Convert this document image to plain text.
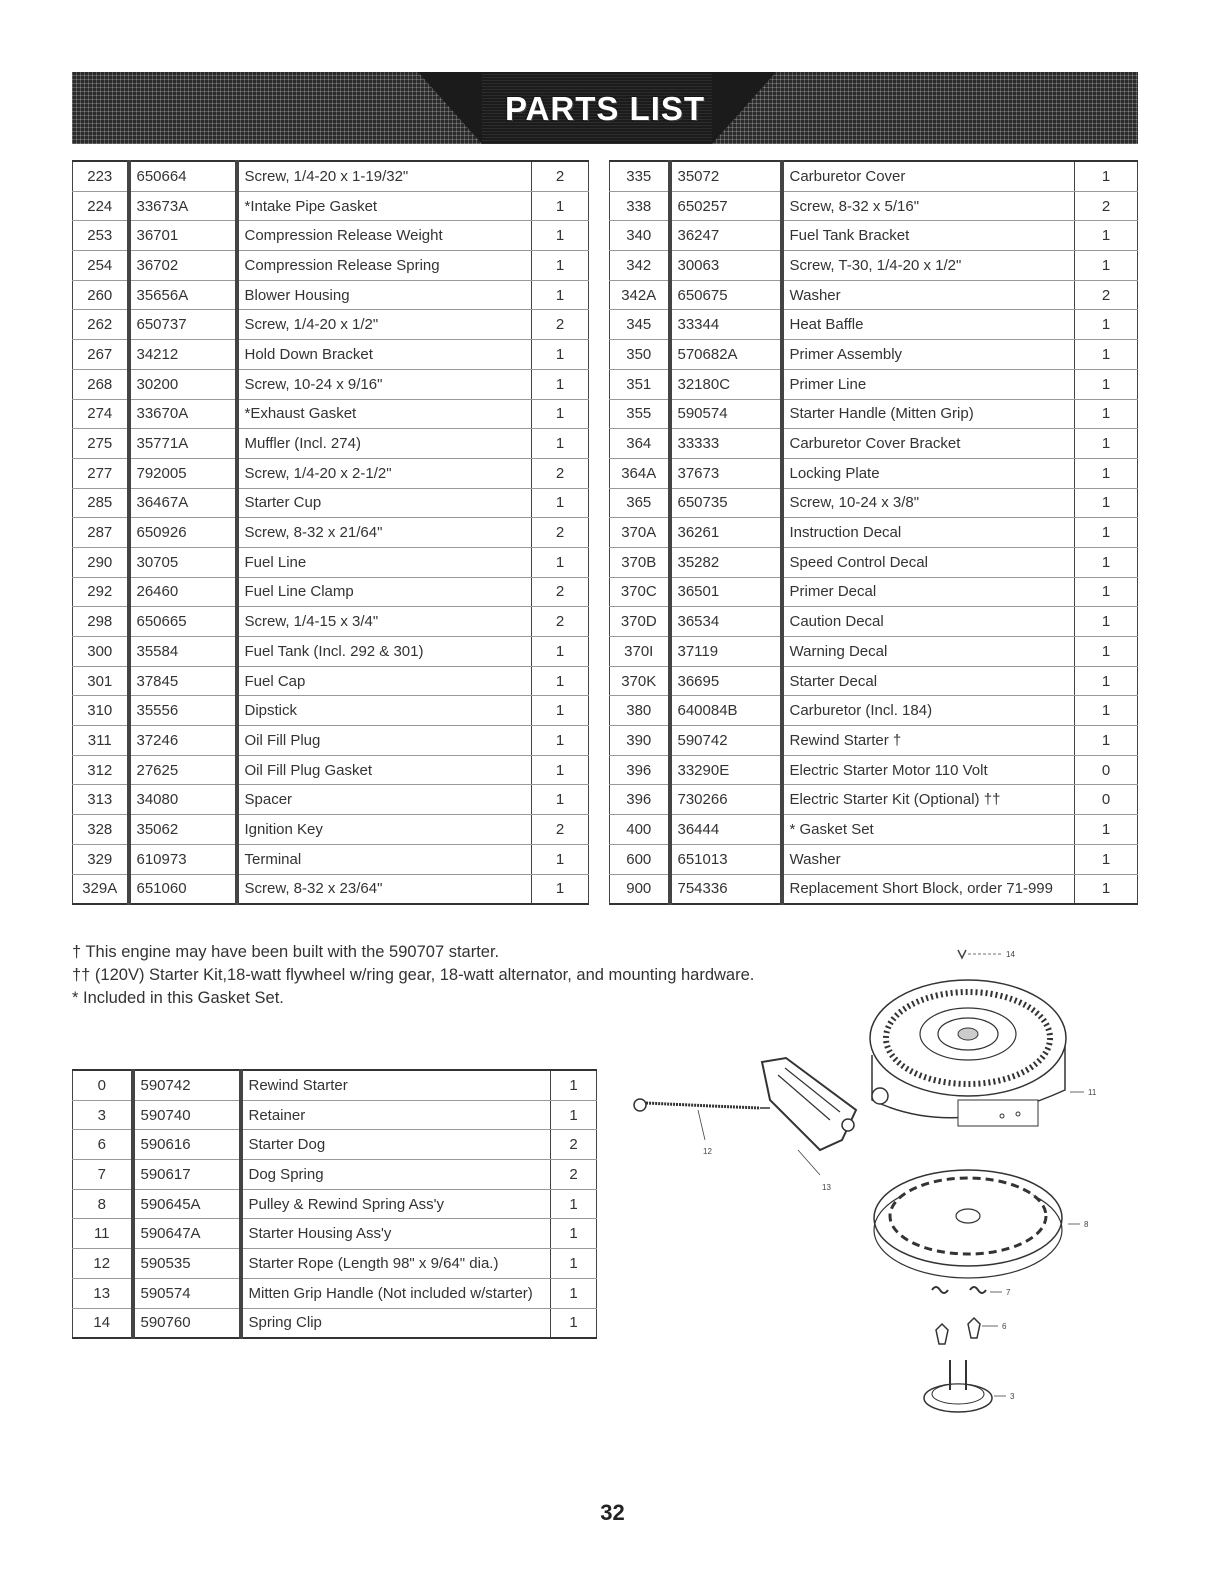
PARTS LIST
223	650664	Screw, 1/4-20 x 1-19/32"	2
224	33673A	*Intake Pipe Gasket	1
253	36701	Compression Release Weight	1
254	36702	Compression Release Spring	1
260	35656A	Blower Housing	1
262	650737	Screw, 1/4-20 x 1/2"	2
267	34212	Hold Down Bracket	1
268	30200	Screw, 10-24 x 9/16"	1
274	33670A	*Exhaust Gasket	1
275	35771A	Muffler (Incl. 274)	1
277	792005	Screw, 1/4-20 x 2-1/2"	2
285	36467A	Starter Cup	1
287	650926	Screw, 8-32 x 21/64"	2
290	30705	Fuel Line	1
292	26460	Fuel Line Clamp	2
298	650665	Screw, 1/4-15 x 3/4"	2
300	35584	Fuel Tank (Incl. 292 & 301)	1
301	37845	Fuel Cap	1
310	35556	Dipstick	1
311	37246	Oil Fill Plug	1
312	27625	Oil Fill Plug Gasket	1
313	34080	Spacer	1
328	35062	Ignition Key	2
329	610973	Terminal	1
329A	651060	Screw, 8-32 x 23/64"	1
335	35072	Carburetor Cover	1
338	650257	Screw, 8-32 x 5/16"	2
340	36247	Fuel Tank Bracket	1
342	30063	Screw, T-30, 1/4-20 x 1/2"	1
342A	650675	Washer	2
345	33344	Heat Baffle	1
350	570682A	Primer Assembly	1
351	32180C	Primer Line	1
355	590574	Starter Handle (Mitten Grip)	1
364	33333	Carburetor Cover Bracket	1
364A	37673	Locking Plate	1
365	650735	Screw, 10-24 x 3/8"	1
370A	36261	Instruction Decal	1
370B	35282	Speed Control Decal	1
370C	36501	Primer Decal	1
370D	36534	Caution Decal	1
370I	37119	Warning Decal	1
370K	36695	Starter Decal	1
380	640084B	Carburetor (Incl. 184)	1
390	590742	Rewind Starter †	1
396	33290E	Electric Starter Motor 110 Volt	0
396	730266	Electric Starter Kit (Optional) ††	0
400	36444	* Gasket Set	1
600	651013	Washer	1
900	754336	Replacement Short Block, order 71-999	1
† This engine may have been built with the 590707 starter.
†† (120V) Starter Kit,18-watt flywheel w/ring gear, 18-watt alternator, and mounting hardware.
* Included in this Gasket Set.
0	590742	Rewind Starter	1
3	590740	Retainer	1
6	590616	Starter Dog	2
7	590617	Dog Spring	2
8	590645A	Pulley & Rewind Spring Ass'y	1
11	590647A	Starter Housing Ass'y	1
12	590535	Starter Rope (Length 98" x 9/64" dia.)	1
13	590574	Mitten Grip Handle (Not included w/starter)	1
14	590760	Spring Clip	1
14
11
12
13
8
7
6
3
32
